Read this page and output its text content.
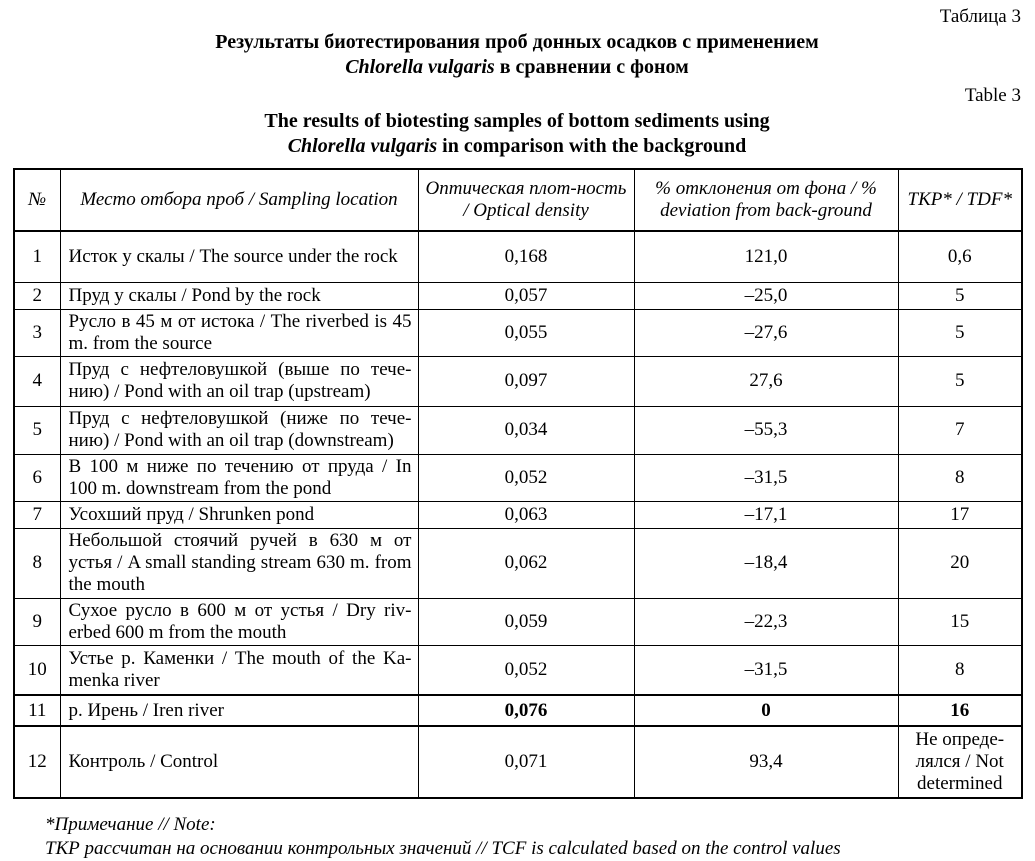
Таблица 3
Результаты биотестирования проб донных осадков с применением
Chlorella vulgaris в сравнении с фоном
Table 3
The results of biotesting samples of bottom sediments using
Chlorella vulgaris in comparison with the background
№	Место отбора проб / Sampling location	Оптическая плот-ность / Optical density	% отклонения от фона / % deviation from back-ground	ТКР* / TDF*
1	Исток у скалы / The source under the rock	0,168	121,0	0,6
2	Пруд у скалы / Pond by the rock	0,057	–25,0	5
3	Русло в 45 м от истока / The riverbed is 45 m. from the source	0,055	–27,6	5
4	Пруд с нефтеловушкой (выше по тече-нию) / Pond with an oil trap (upstream)	0,097	27,6	5
5	Пруд с нефтеловушкой (ниже по тече-нию) / Pond with an oil trap (downstream)	0,034	–55,3	7
6	В 100 м ниже по течению от пруда / In 100 m. downstream from the pond	0,052	–31,5	8
7	Усохший пруд / Shrunken pond	0,063	–17,1	17
8	Небольшой стоячий ручей в 630 м от устья / A small standing stream 630 m. from the mouth	0,062	–18,4	20
9	Сухое русло в 600 м от устья / Dry riv-erbed 600 m from the mouth	0,059	–22,3	15
10	Устье р. Каменки / The mouth of the Ka-menka river	0,052	–31,5	8
11	р. Ирень / Iren river	0,076	0	16
12	Контроль / Control	0,071	93,4	Не опреде-лялся / Not determined
*Примечание // Note:
ТКР рассчитан на основании контрольных значений // TCF is calculated based on the control values
